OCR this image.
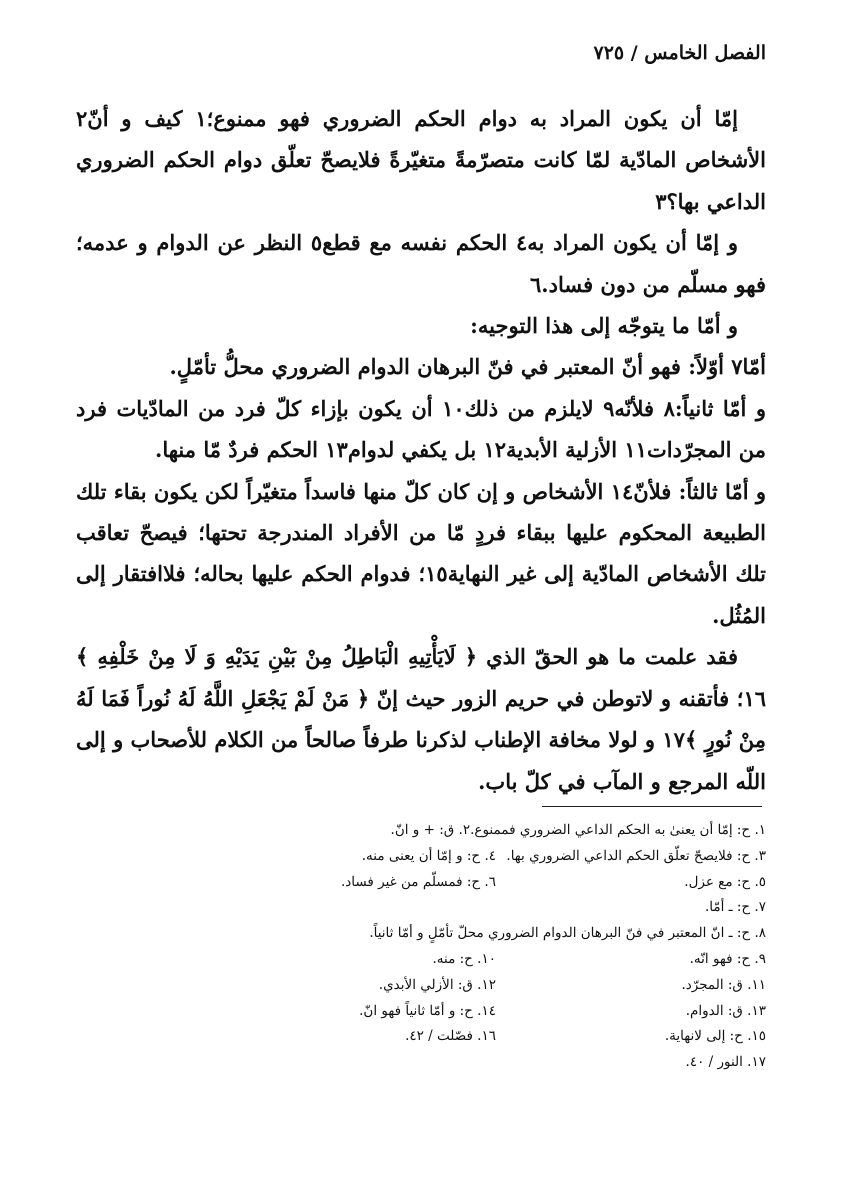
الفصل الخامس / ٧٢٥

إمّا أن يكون المراد به دوام الحكم الضروري فهو ممنوع؛١ كيف و أنّ٢ الأشخاص المادّية لمّا كانت متصرّمةً متغيّرةً فلايصحّ تعلّق دوام الحكم الضروري الداعي بها؟٣

و إمّا أن يكون المراد به٤ الحكم نفسه مع قطع٥ النظر عن الدوام و عدمه؛ فهو مسلّم من دون فساد.٦

و أمّا ما يتوجّه إلى هذا التوجيه:

أمّا٧ أوّلاً: فهو أنّ المعتبر في فنّ البرهان الدوام الضروري محلُّ تأمّلٍ.

و أمّا ثانياً:٨ فلأنّه٩ لايلزم من ذلك١٠ أن يكون بإزاء كلّ فرد من المادّيات فرد من المجرّدات١١ الأزلية الأبدية١٢ بل يكفي لدوام١٣ الحكم فردٌ مّا منها.

و أمّا ثالثاً: فلأنّ١٤ الأشخاص و إن كان كلّ منها فاسداً متغيّراً لكن يكون بقاء تلك الطبيعة المحكوم عليها ببقاء فردٍ مّا من الأفراد المندرجة تحتها؛ فيصحّ تعاقب تلك الأشخاص المادّية إلى غير النهاية١٥؛ فدوام الحكم عليها بحاله؛ فلاافتقار إلى المُثُل.

فقد علمت ما هو الحقّ الذي ﴿ لَايَأْتِيهِ الْبَاطِلُ مِنْ بَيْنِ يَدَيْهِ وَ لَا مِنْ خَلْفِهِ ﴾١٦؛ فأتقنه و لاتوطن في حريم الزور حيث إنّ ﴿ مَنْ لَمْ يَجْعَلِ اللَّهُ لَهُ نُوراً فَمَا لَهُ مِنْ نُورٍ ﴾١٧ و لولا مخافة الإطناب لذكرنا طرفاً صالحاً من الكلام للأصحاب و إلى اللّه المرجع و المآب في كلّ باب.

١. ح: إمّا أن يعنىٰ به الحكم الداعي الضروري فممنوع.٢. ق: + و انّ.
٣. ح: فلايصحّ تعلّق الحكم الداعي الضروري بها.
٤. ح: و إمّا أن يعنى منه.
٥. ح: مع عزل.
٦. ح: فمسلّم من غير فساد.
٧. ح: ـ أمّا.
٨. ح: ـ انّ المعتبر في فنّ البرهان الدوام الضروري محلّ تأمّلٍ و أمّا ثانياً.
٩. ح: فهو انّه.
١٠. ح: منه.
١١. ق: المجرّد.
١٢. ق: الأزلي الأبدي.
١٣. ق: الدوام.
١٤. ح: و أمّا ثانياً فهو انّ.
١٥. ح: إلى لانهاية.
١٦. فصّلت / ٤٢.
١٧. النور / ٤٠.
